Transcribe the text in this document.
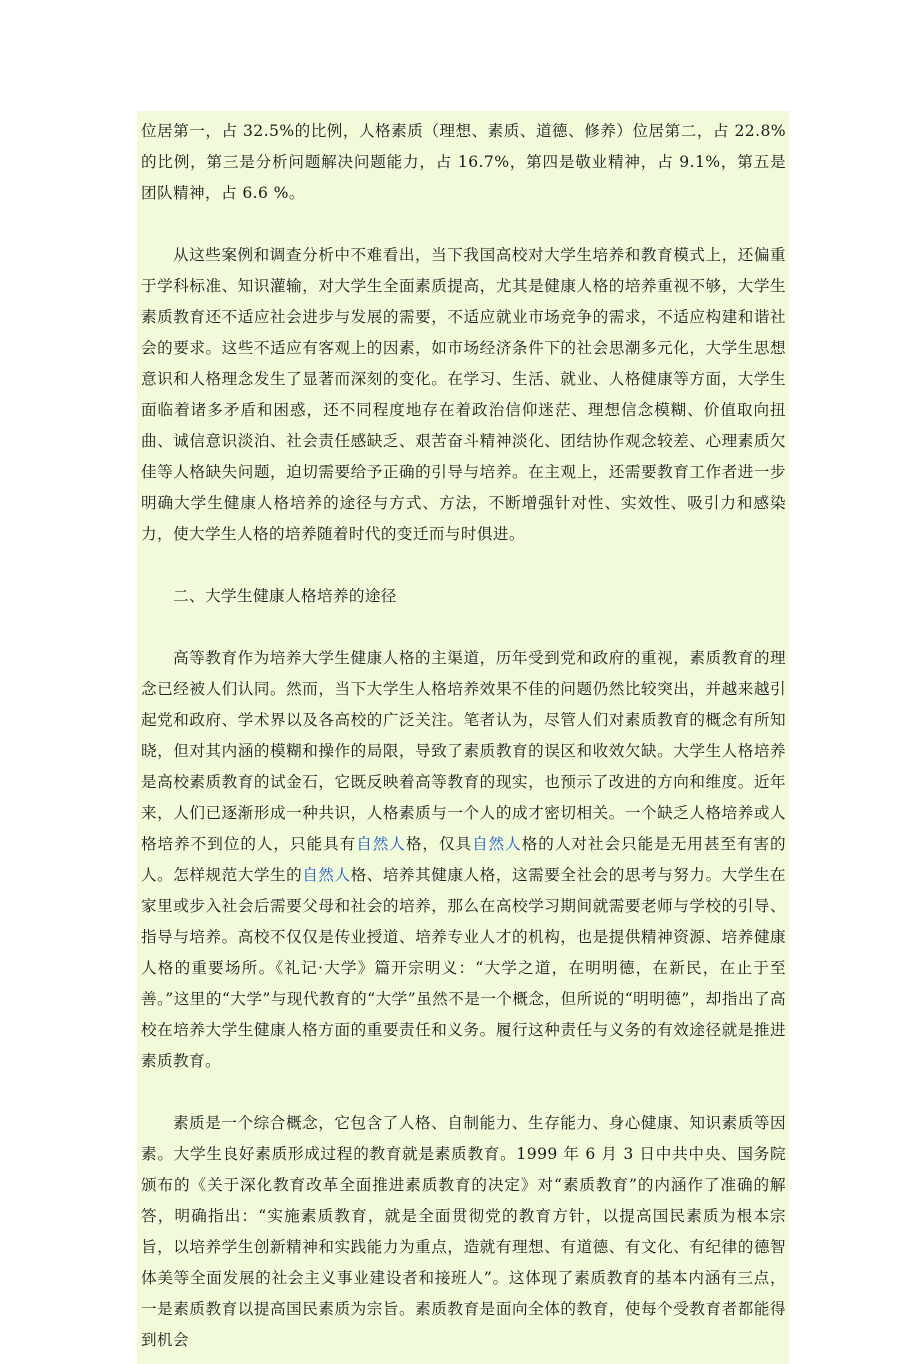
位居第一，占 32.5%的比例，人格素质（理想、素质、道德、修养）位居第二，占 22.8%的比例，第三是分析问题解决问题能力，占 16.7%，第四是敬业精神，占 9.1%，第五是团队精神，占 6.6 %。

从这些案例和调查分析中不难看出，当下我国高校对大学生培养和教育模式上，还偏重于学科标准、知识灌输，对大学生全面素质提高，尤其是健康人格的培养重视不够，大学生素质教育还不适应社会进步与发展的需要，不适应就业市场竞争的需求，不适应构建和谐社会的要求。这些不适应有客观上的因素，如市场经济条件下的社会思潮多元化，大学生思想意识和人格理念发生了显著而深刻的变化。在学习、生活、就业、人格健康等方面，大学生面临着诸多矛盾和困惑，还不同程度地存在着政治信仰迷茫、理想信念模糊、价值取向扭曲、诚信意识淡泊、社会责任感缺乏、艰苦奋斗精神淡化、团结协作观念较差、心理素质欠佳等人格缺失问题，迫切需要给予正确的引导与培养。在主观上，还需要教育工作者进一步明确大学生健康人格培养的途径与方式、方法，不断增强针对性、实效性、吸引力和感染力，使大学生人格的培养随着时代的变迁而与时俱进。

二、大学生健康人格培养的途径

高等教育作为培养大学生健康人格的主渠道，历年受到党和政府的重视，素质教育的理念已经被人们认同。然而，当下大学生人格培养效果不佳的问题仍然比较突出，并越来越引起党和政府、学术界以及各高校的广泛关注。笔者认为，尽管人们对素质教育的概念有所知晓，但对其内涵的模糊和操作的局限，导致了素质教育的误区和收效欠缺。大学生人格培养是高校素质教育的试金石，它既反映着高等教育的现实，也预示了改进的方向和维度。近年来，人们已逐渐形成一种共识，人格素质与一个人的成才密切相关。一个缺乏人格培养或人格培养不到位的人，只能具有自然人格，仅具自然人格的人对社会只能是无用甚至有害的人。怎样规范大学生的自然人格、培养其健康人格，这需要全社会的思考与努力。大学生在家里或步入社会后需要父母和社会的培养，那么在高校学习期间就需要老师与学校的引导、指导与培养。高校不仅仅是传业授道、培养专业人才的机构，也是提供精神资源、培养健康人格的重要场所。《礼记·大学》篇开宗明义：“大学之道，在明明德，在新民，在止于至善。”这里的“大学”与现代教育的“大学”虽然不是一个概念，但所说的“明明德”，却指出了高校在培养大学生健康人格方面的重要责任和义务。履行这种责任与义务的有效途径就是推进素质教育。

素质是一个综合概念，它包含了人格、自制能力、生存能力、身心健康、知识素质等因素。大学生良好素质形成过程的教育就是素质教育。1999 年 6 月 3 日中共中央、国务院颁布的《关于深化教育改革全面推进素质教育的决定》对“素质教育”的内涵作了准确的解答，明确指出：“实施素质教育，就是全面贯彻党的教育方针，以提高国民素质为根本宗旨，以培养学生创新精神和实践能力为重点，造就有理想、有道德、有文化、有纪律的德智体美等全面发展的社会主义事业建设者和接班人”。这体现了素质教育的基本内涵有三点，一是素质教育以提高国民素质为宗旨。素质教育是面向全体的教育，使每个受教育者都能得到机会
